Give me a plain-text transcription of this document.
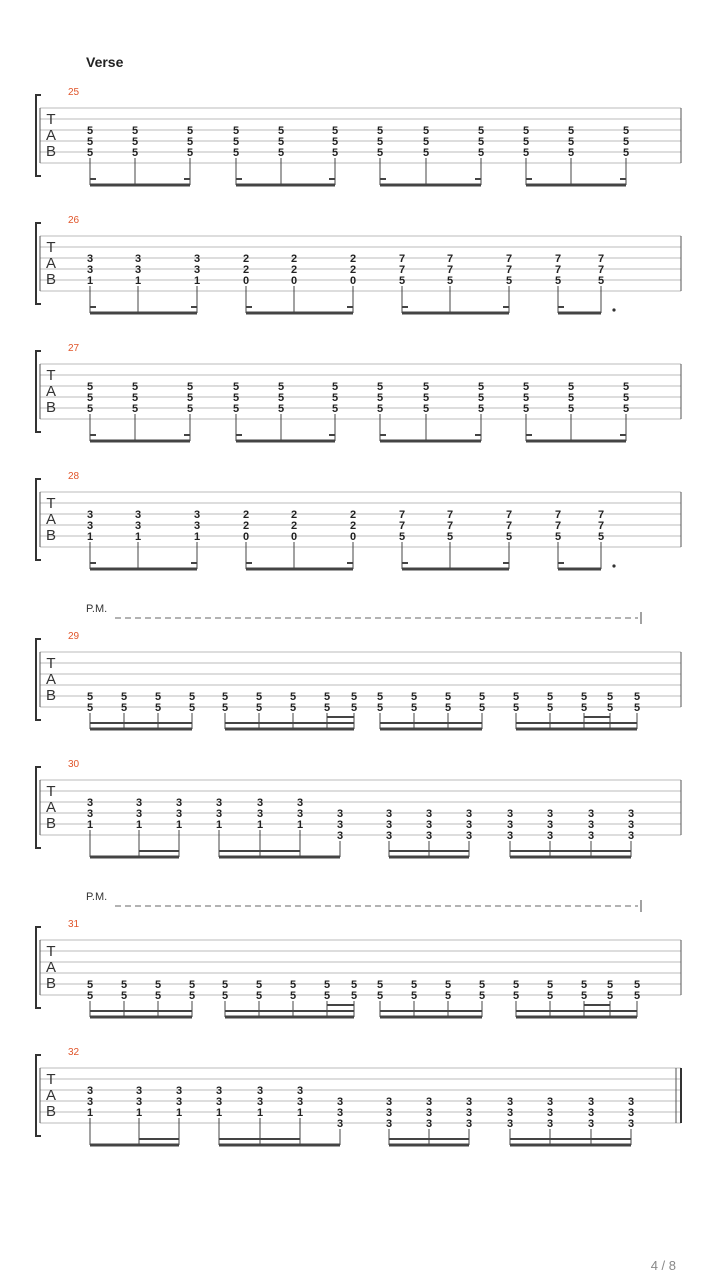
Verse
P.M.
P.M.
4 / 8
T
A
B
25
5
5
5
5
5
5
5
5
5
5
5
5
5
5
5
5
5
5
5
5
5
5
5
5
5
5
5
5
5
5
5
5
5
5
5
5
T
A
B
26
3
3
1
3
3
1
3
3
1
2
2
0
2
2
0
2
2
0
7
7
5
7
7
5
7
7
5
7
7
5
7
7
5
T
A
B
27
5
5
5
5
5
5
5
5
5
5
5
5
5
5
5
5
5
5
5
5
5
5
5
5
5
5
5
5
5
5
5
5
5
5
5
5
T
A
B
28
3
3
1
3
3
1
3
3
1
2
2
0
2
2
0
2
2
0
7
7
5
7
7
5
7
7
5
7
7
5
7
7
5
T
A
B
29
5
5
5
5
5
5
5
5
5
5
5
5
5
5
5
5
5
5
5
5
5
5
5
5
5
5
5
5
5
5
5
5
5
5
5
5
T
A
B
30
3
3
1
3
3
1
3
3
1
3
3
1
3
3
1
3
3
1
3
3
3
3
3
3
3
3
3
3
3
3
3
3
3
3
3
3
3
3
3
3
3
3
T
A
B
31
5
5
5
5
5
5
5
5
5
5
5
5
5
5
5
5
5
5
5
5
5
5
5
5
5
5
5
5
5
5
5
5
5
5
5
5
T
A
B
32
3
3
1
3
3
1
3
3
1
3
3
1
3
3
1
3
3
1
3
3
3
3
3
3
3
3
3
3
3
3
3
3
3
3
3
3
3
3
3
3
3
3
